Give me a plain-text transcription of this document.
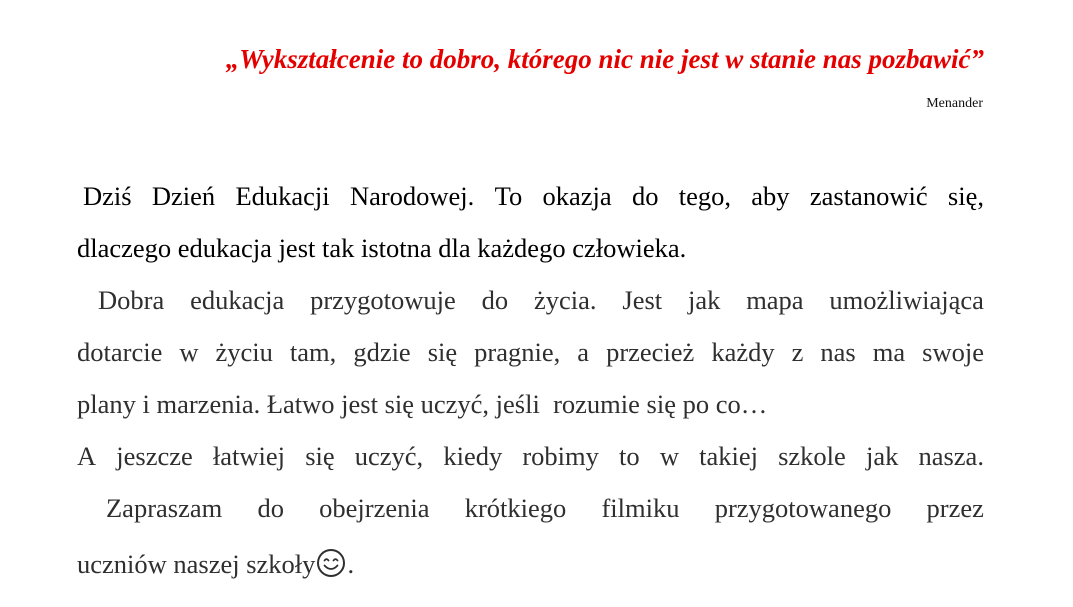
„Wykształcenie to dobro, którego nic nie jest w stanie nas pozbawić”
Menander
Dziś Dzień Edukacji Narodowej. To okazja do tego, aby zastanowić się,
dlaczego edukacja jest tak istotna dla każdego człowieka.
Dobra edukacja przygotowuje do życia. Jest jak mapa umożliwiająca
dotarcie w życiu tam, gdzie się pragnie, a przecież każdy z nas ma swoje
plany i marzenia. Łatwo jest się uczyć, jeśli  rozumie się po co…
A jeszcze łatwiej się uczyć, kiedy robimy to w takiej szkole jak nasza.
Zapraszam do obejrzenia krótkiego filmiku przygotowanego przez
uczniów naszej szkoły .
